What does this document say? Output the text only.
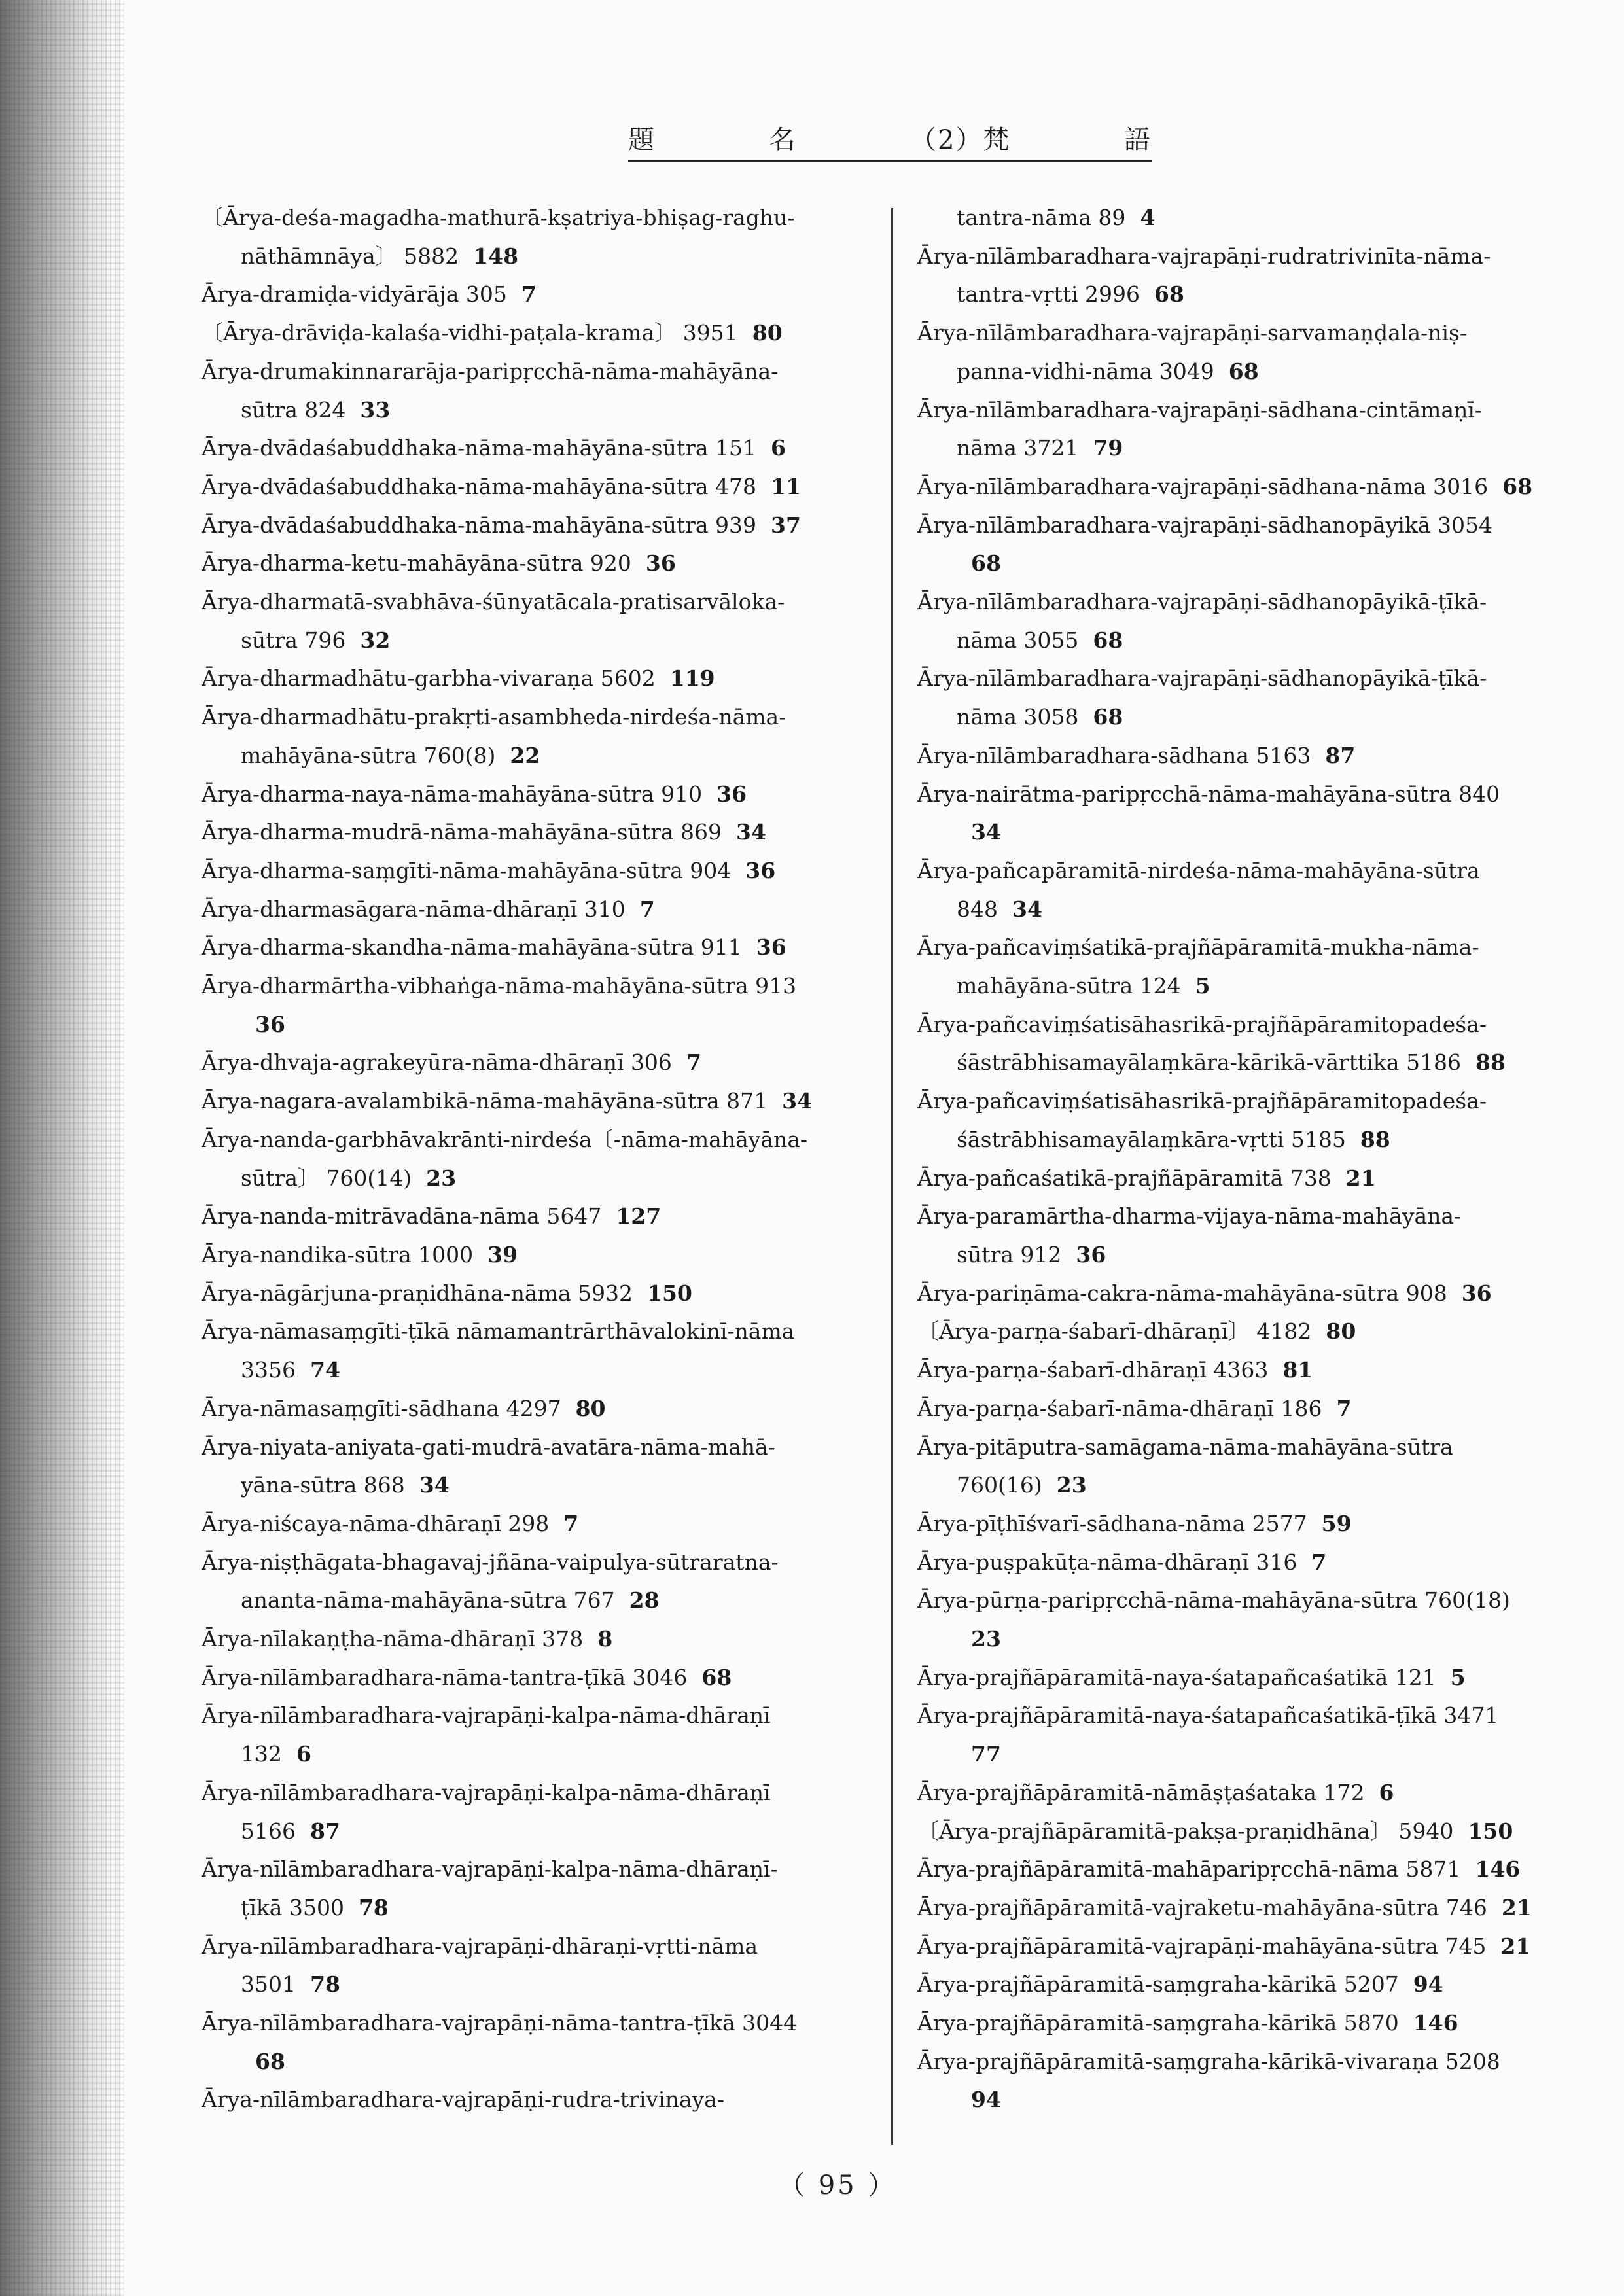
題	名	（2）梵	語

〔Ārya-deśa-magadha-mathurā-kṣatriya-bhiṣag-raghu-
nāthāmnāya〕 5882 148

Ārya-dramiḍa-vidyārāja 305 7

〔Ārya-drāviḍa-kalaśa-vidhi-paṭala-krama〕 3951 80

Ārya-drumakinnararāja-paripṛcchā-nāma-mahāyāna-
sūtra 824 33

Ārya-dvādaśabuddhaka-nāma-mahāyāna-sūtra 151 6

Ārya-dvādaśabuddhaka-nāma-mahāyāna-sūtra 478 11

Ārya-dvādaśabuddhaka-nāma-mahāyāna-sūtra 939 37

Ārya-dharma-ketu-mahāyāna-sūtra 920 36

Ārya-dharmatā-svabhāva-śūnyatācala-pratisarvāloka-
sūtra 796 32

Ārya-dharmadhātu-garbha-vivaraṇa 5602 119

Ārya-dharmadhātu-prakṛti-asambheda-nirdeśa-nāma-
mahāyāna-sūtra 760(8) 22

Ārya-dharma-naya-nāma-mahāyāna-sūtra 910 36

Ārya-dharma-mudrā-nāma-mahāyāna-sūtra 869 34

Ārya-dharma-saṃgīti-nāma-mahāyāna-sūtra 904 36

Ārya-dharmasāgara-nāma-dhāraṇī 310 7

Ārya-dharma-skandha-nāma-mahāyāna-sūtra 911 36

Ārya-dharmārtha-vibhaṅga-nāma-mahāyāna-sūtra 913
36

Ārya-dhvaja-agrakeyūra-nāma-dhāraṇī 306 7

Ārya-nagara-avalambikā-nāma-mahāyāna-sūtra 871 34

Ārya-nanda-garbhāvakrānti-nirdeśa〔-nāma-mahāyāna-
sūtra〕 760(14) 23

Ārya-nanda-mitrāvadāna-nāma 5647 127

Ārya-nandika-sūtra 1000 39

Ārya-nāgārjuna-praṇidhāna-nāma 5932 150

Ārya-nāmasaṃgīti-ṭīkā nāmamantrārthāvalokinī-nāma
3356 74

Ārya-nāmasaṃgīti-sādhana 4297 80

Ārya-niyata-aniyata-gati-mudrā-avatāra-nāma-mahā-
yāna-sūtra 868 34

Ārya-niścaya-nāma-dhāraṇī 298 7

Ārya-niṣṭhāgata-bhagavaj-jñāna-vaipulya-sūtraratna-
ananta-nāma-mahāyāna-sūtra 767 28

Ārya-nīlakaṇṭha-nāma-dhāraṇī 378 8

Ārya-nīlāmbaradhara-nāma-tantra-ṭīkā 3046 68

Ārya-nīlāmbaradhara-vajrapāṇi-kalpa-nāma-dhāraṇī
132 6

Ārya-nīlāmbaradhara-vajrapāṇi-kalpa-nāma-dhāraṇī
5166 87

Ārya-nīlāmbaradhara-vajrapāṇi-kalpa-nāma-dhāraṇī-
ṭīkā 3500 78

Ārya-nīlāmbaradhara-vajrapāṇi-dhāraṇi-vṛtti-nāma
3501 78

Ārya-nīlāmbaradhara-vajrapāṇi-nāma-tantra-ṭīkā 3044
68

Ārya-nīlāmbaradhara-vajrapāṇi-rudra-trivinaya-

tantra-nāma 89 4

Ārya-nīlāmbaradhara-vajrapāṇi-rudratrivinīta-nāma-
tantra-vṛtti 2996 68

Ārya-nīlāmbaradhara-vajrapāṇi-sarvamaṇḍala-niṣ-
panna-vidhi-nāma 3049 68

Ārya-nīlāmbaradhara-vajrapāṇi-sādhana-cintāmaṇī-
nāma 3721 79

Ārya-nīlāmbaradhara-vajrapāṇi-sādhana-nāma 3016 68

Ārya-nīlāmbaradhara-vajrapāṇi-sādhanopāyikā 3054
68

Ārya-nīlāmbaradhara-vajrapāṇi-sādhanopāyikā-ṭīkā-
nāma 3055 68

Ārya-nīlāmbaradhara-vajrapāṇi-sādhanopāyikā-ṭīkā-
nāma 3058 68

Ārya-nīlāmbaradhara-sādhana 5163 87

Ārya-nairātma-paripṛcchā-nāma-mahāyāna-sūtra 840
34

Ārya-pañcapāramitā-nirdeśa-nāma-mahāyāna-sūtra
848 34

Ārya-pañcaviṃśatikā-prajñāpāramitā-mukha-nāma-
mahāyāna-sūtra 124 5

Ārya-pañcaviṃśatisāhasrikā-prajñāpāramitopadeśa-
śāstrābhisamayālaṃkāra-kārikā-vārttika 5186 88

Ārya-pañcaviṃśatisāhasrikā-prajñāpāramitopadeśa-
śāstrābhisamayālaṃkāra-vṛtti 5185 88

Ārya-pañcaśatikā-prajñāpāramitā 738 21

Ārya-paramārtha-dharma-vijaya-nāma-mahāyāna-
sūtra 912 36

Ārya-pariṇāma-cakra-nāma-mahāyāna-sūtra 908 36

〔Ārya-parṇa-śabarī-dhāraṇī〕 4182 80

Ārya-parṇa-śabarī-dhāraṇī 4363 81

Ārya-parṇa-śabarī-nāma-dhāraṇī 186 7

Ārya-pitāputra-samāgama-nāma-mahāyāna-sūtra
760(16) 23

Ārya-pīṭhīśvarī-sādhana-nāma 2577 59

Ārya-puṣpakūṭa-nāma-dhāraṇī 316 7

Ārya-pūrṇa-paripṛcchā-nāma-mahāyāna-sūtra 760(18)
23

Ārya-prajñāpāramitā-naya-śatapañcaśatikā 121 5

Ārya-prajñāpāramitā-naya-śatapañcaśatikā-ṭīkā 3471
77

Ārya-prajñāpāramitā-nāmāṣṭaśataka 172 6

〔Ārya-prajñāpāramitā-pakṣa-praṇidhāna〕 5940 150

Ārya-prajñāpāramitā-mahāparipṛcchā-nāma 5871 146

Ārya-prajñāpāramitā-vajraketu-mahāyāna-sūtra 746 21

Ārya-prajñāpāramitā-vajrapāṇi-mahāyāna-sūtra 745 21

Ārya-prajñāpāramitā-saṃgraha-kārikā 5207 94

Ārya-prajñāpāramitā-saṃgraha-kārikā 5870 146

Ārya-prajñāpāramitā-saṃgraha-kārikā-vivaraṇa 5208
94

（ 95 ）
